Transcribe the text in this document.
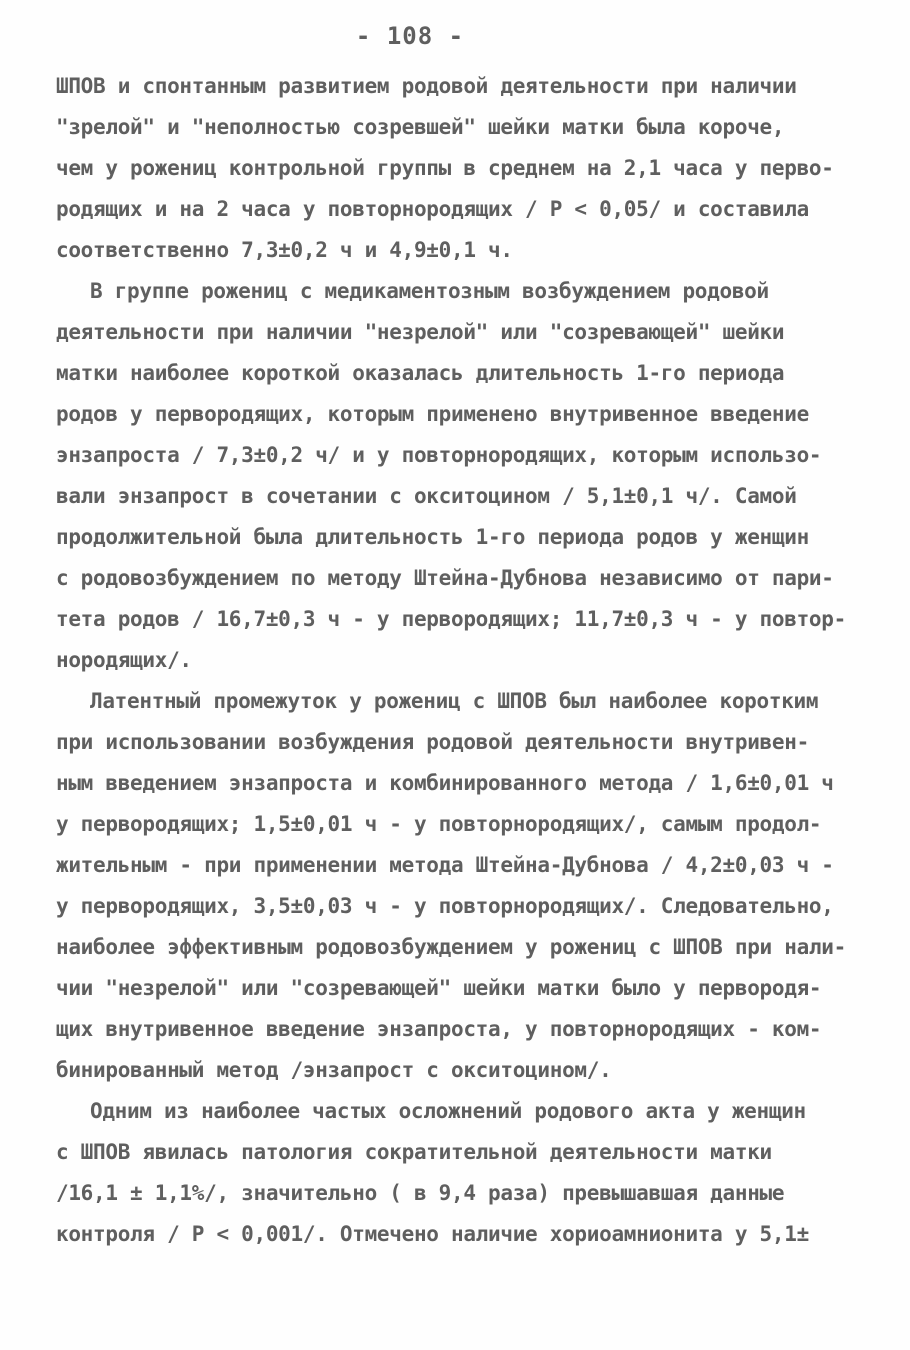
- 108 -
ШПОВ и спонтанным развитием родовой деятельности при наличии
"зрелой" и "неполностью созревшей" шейки матки была короче,
чем у рожениц контрольной группы в среднем на 2,1 часа у перво-
родящих и на 2 часа у повторнородящих / P < 0,05/ и составила
соответственно 7,3±0,2 ч и 4,9±0,1 ч.
В группе рожениц с медикаментозным возбуждением родовой
деятельности при наличии "незрелой" или "созревающей" шейки
матки наиболее короткой оказалась длительность 1-го периода
родов у первородящих, которым применено внутривенное введение
энзапроста / 7,3±0,2 ч/ и у повторнородящих, которым использо-
вали энзапрост в сочетании с окситоцином / 5,1±0,1 ч/. Самой
продолжительной была длительность 1-го периода родов у женщин
с родовозбуждением по методу Штейна-Дубнова независимо от пари-
тета родов / 16,7±0,3 ч - у первородящих; 11,7±0,3 ч - у повтор-
нородящих/.
Латентный промежуток у рожениц с ШПОВ был наиболее коротким
при использовании возбуждения родовой деятельности внутривен-
ным введением энзапроста и комбинированного метода / 1,6±0,01 ч
у первородящих; 1,5±0,01 ч - у повторнородящих/, самым продол-
жительным - при применении метода Штейна-Дубнова / 4,2±0,03 ч -
у первородящих, 3,5±0,03 ч - у повторнородящих/. Следовательно,
наиболее эффективным родовозбуждением у рожениц с ШПОВ при нали-
чии "незрелой" или "созревающей" шейки матки было у первородя-
щих внутривенное введение энзапроста, у повторнородящих - ком-
бинированный метод /энзапрост с окситоцином/.
Одним из наиболее частых осложнений родового акта у женщин
с ШПОВ явилась патология сократительной деятельности матки
/16,1 ± 1,1%/, значительно ( в 9,4 раза) превышавшая данные
контроля / P < 0,001/. Отмечено наличие хориоамнионита у 5,1±
